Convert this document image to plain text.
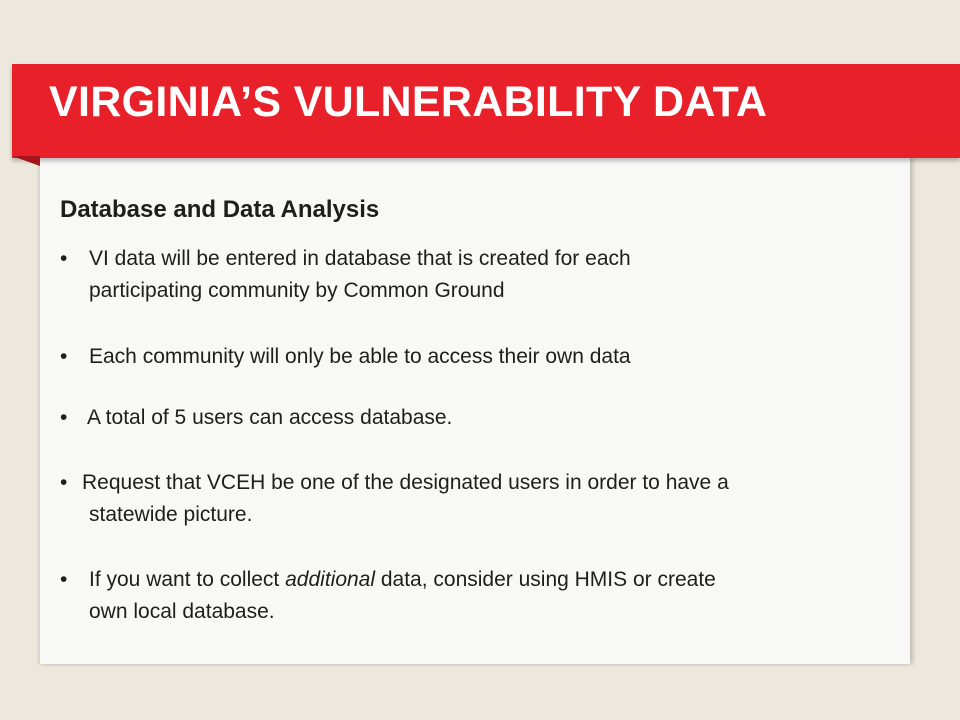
VIRGINIA’S VULNERABILITY DATA
Database and Data Analysis
• VI data will be entered in database that is created for each
participating community by Common Ground
• Each community will only be able to access their own data
• A total of 5 users can access database.
• Request that VCEH be one of the designated users in order to have a
statewide picture.
• If you want to collect additional data, consider using HMIS or create
own local database.
